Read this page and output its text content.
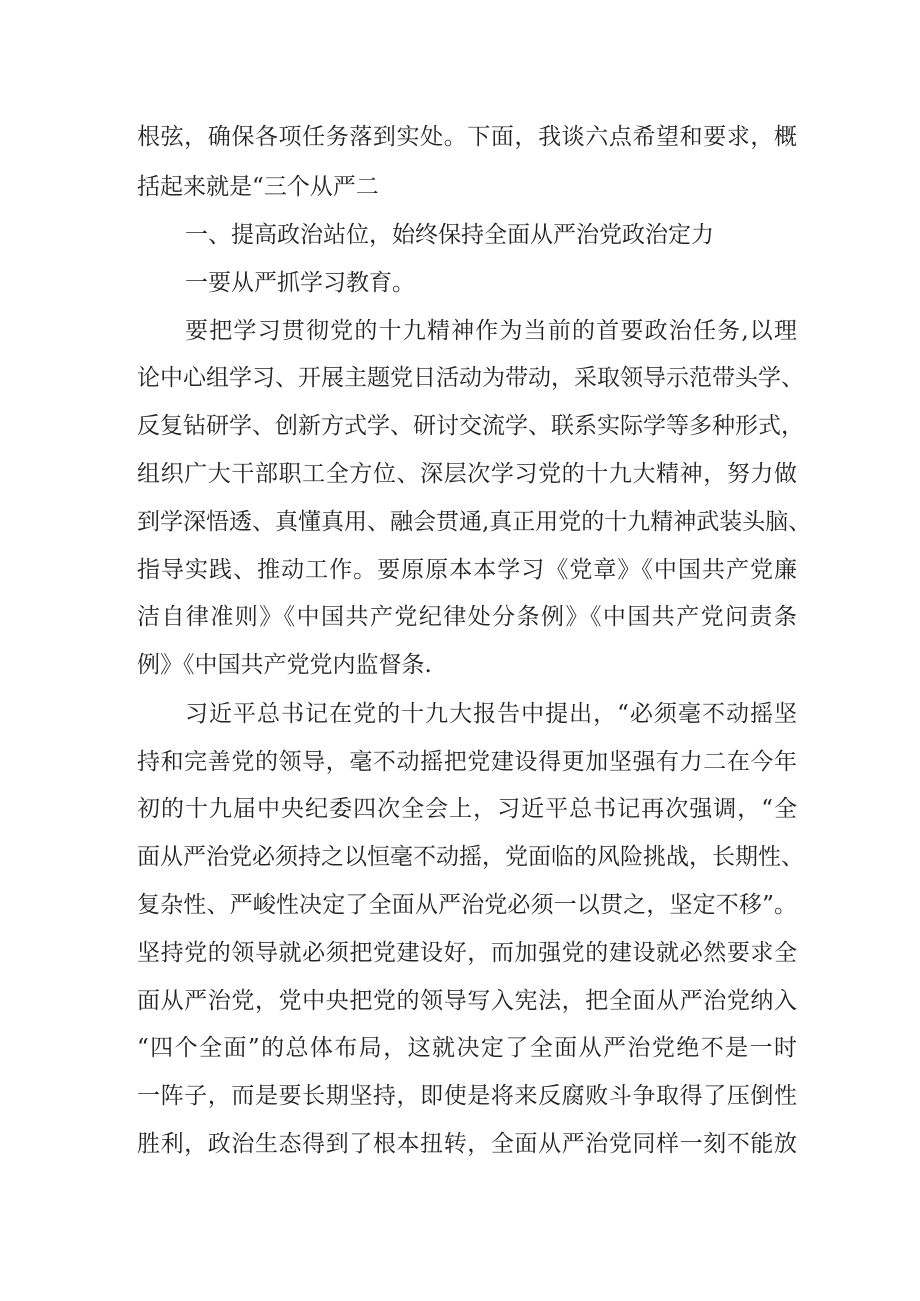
根弦，确保各项任务落到实处。下面，我谈六点希望和要求，概
括起来就是“三个从严二
一、提高政治站位，始终保持全面从严治党政治定力
一要从严抓学习教育。
要把学习贯彻党的十九精神作为当前的首要政治任务,以理
论中心组学习、开展主题党日活动为带动，采取领导示范带头学、
反复钻研学、创新方式学、研讨交流学、联系实际学等多种形式，
组织广大干部职工全方位、深层次学习党的十九大精神，努力做
到学深悟透、真懂真用、融会贯通,真正用党的十九精神武装头脑、
指导实践、推动工作。要原原本本学习《党章》《中国共产党廉
洁自律准则》《中国共产党纪律处分条例》《中国共产党问责条
例》《中国共产党党内监督条.
习近平总书记在党的十九大报告中提出，“必须毫不动摇坚
持和完善党的领导，毫不动摇把党建设得更加坚强有力二在今年
初的十九届中央纪委四次全会上，习近平总书记再次强调，“全
面从严治党必须持之以恒毫不动摇，党面临的风险挑战，长期性、
复杂性、严峻性决定了全面从严治党必须一以贯之，坚定不移”。
坚持党的领导就必须把党建设好，而加强党的建设就必然要求全
面从严治党，党中央把党的领导写入宪法，把全面从严治党纳入
“四个全面”的总体布局，这就决定了全面从严治党绝不是一时
一阵子，而是要长期坚持，即使是将来反腐败斗争取得了压倒性
胜利，政治生态得到了根本扭转，全面从严治党同样一刻不能放
